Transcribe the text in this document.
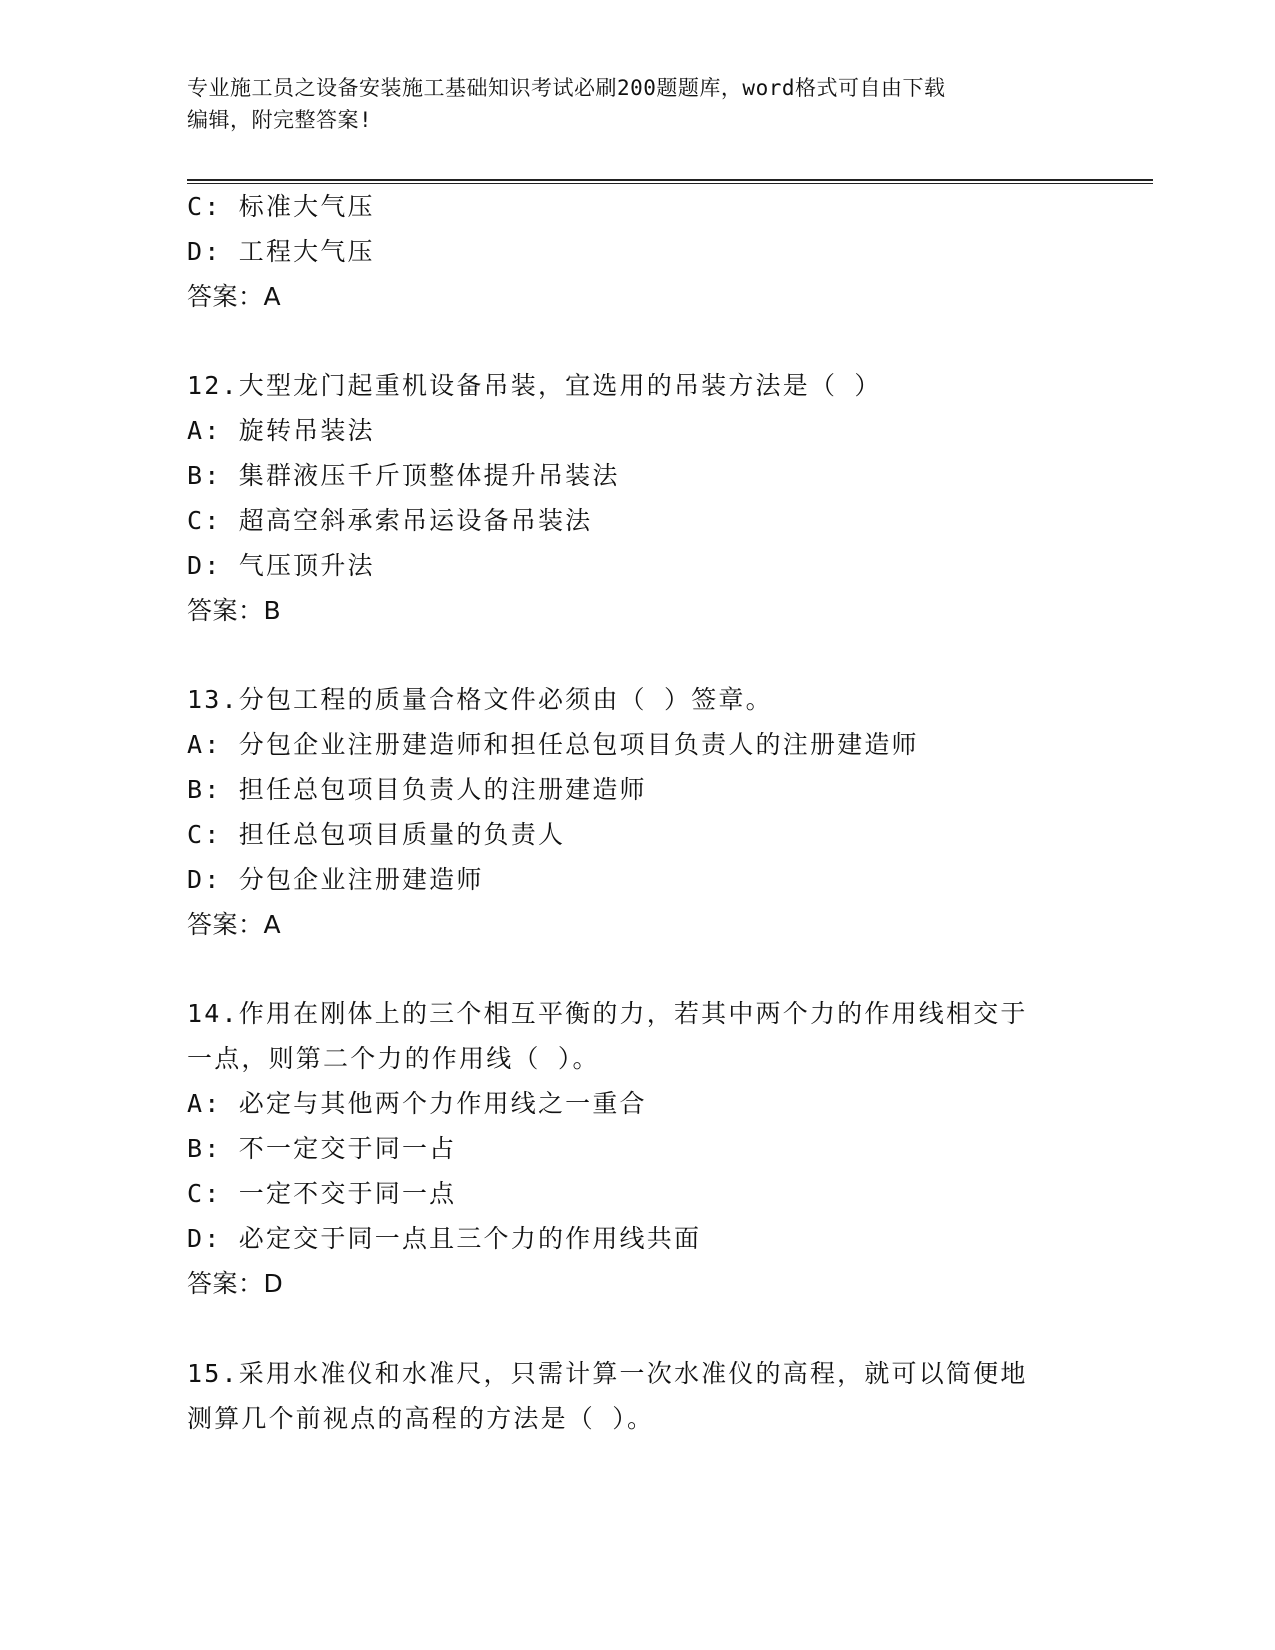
专业施工员之设备安装施工基础知识考试必刷200题题库，word格式可自由下载
编辑，附完整答案!
C: 标准大气压
D: 工程大气压
答案：A
12.大型龙门起重机设备吊装，宜选用的吊装方法是（ ）
A: 旋转吊装法
B: 集群液压千斤顶整体提升吊装法
C: 超高空斜承索吊运设备吊装法
D: 气压顶升法
答案：B
13.分包工程的质量合格文件必须由（ ）签章。
A: 分包企业注册建造师和担任总包项目负责人的注册建造师
B: 担任总包项目负责人的注册建造师
C: 担任总包项目质量的负责人
D: 分包企业注册建造师
答案：A
14.作用在刚体上的三个相互平衡的力，若其中两个力的作用线相交于
一点，则第二个力的作用线（ ）。
A: 必定与其他两个力作用线之一重合
B: 不一定交于同一占
C: 一定不交于同一点
D: 必定交于同一点且三个力的作用线共面
答案：D
15.采用水准仪和水准尺，只需计算一次水准仪的高程，就可以简便地
测算几个前视点的高程的方法是（ ）。
